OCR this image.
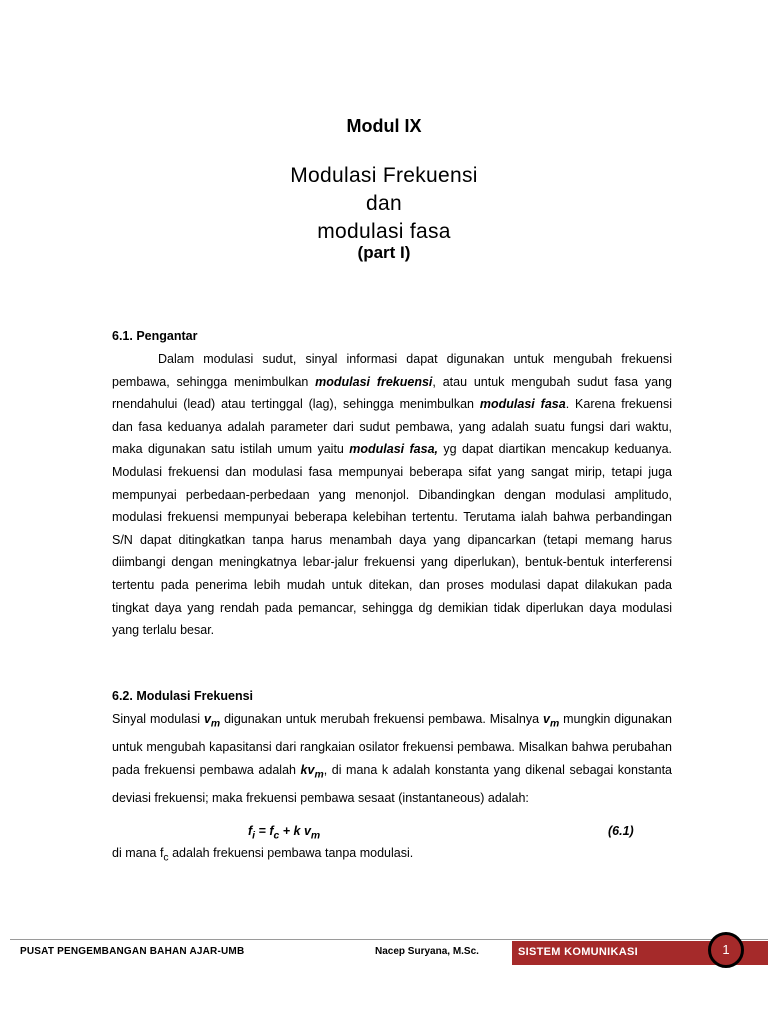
Modul IX
Modulasi Frekuensi
dan
modulasi fasa
(part I)
6.1. Pengantar

Dalam modulasi sudut, sinyal informasi dapat digunakan untuk mengubah frekuensi pembawa, sehingga menimbulkan modulasi frekuensi, atau untuk mengubah sudut fasa yang rnendahului (lead) atau tertinggal (lag), sehingga menimbulkan modulasi fasa. Karena frekuensi dan fasa keduanya adalah parameter dari sudut pembawa, yang adalah suatu fungsi dari waktu, maka digunakan satu istilah umum yaitu modulasi fasa, yg dapat diartikan mencakup keduanya. Modulasi frekuensi dan modulasi fasa mempunyai beberapa sifat yang sangat mirip, tetapi juga mempunyai perbedaan-perbedaan yang menonjol. Dibandingkan dengan modulasi amplitudo, modulasi frekuensi mempunyai beberapa kelebihan tertentu. Terutama ialah bahwa perbandingan S/N dapat ditingkatkan tanpa harus menambah daya yang dipancarkan (tetapi memang harus diimbangi dengan meningkatnya lebar-jalur frekuensi yang diperlukan), bentuk-bentuk interferensi tertentu pada penerima lebih mudah untuk ditekan, dan proses modulasi dapat dilakukan pada tingkat daya yang rendah pada pemancar, sehingga dg demikian tidak diperlukan daya modulasi yang terlalu besar.

6.2. Modulasi Frekuensi

Sinyal modulasi $v_m$ digunakan untuk merubah frekuensi pembawa. Misalnya $v_m$ mungkin digunakan untuk mengubah kapasitansi dari rangkaian osilator frekuensi pembawa. Misalkan bahwa perubahan pada frekuensi pembawa adalah $kv_m$, di mana k adalah konstanta yang dikenal sebagai konstanta deviasi frekuensi; maka frekuensi pembawa sesaat (instantaneous) adalah:

$f_i = f_c + k$ $v_m$	(6.1)
di mana $f_c$ adalah frekuensi pembawa tanpa modulasi.
PUSAT PENGEMBANGAN BAHAN AJAR-UMB	Nacep Suryana, M.Sc.	SISTEM KOMUNIKASI	1
